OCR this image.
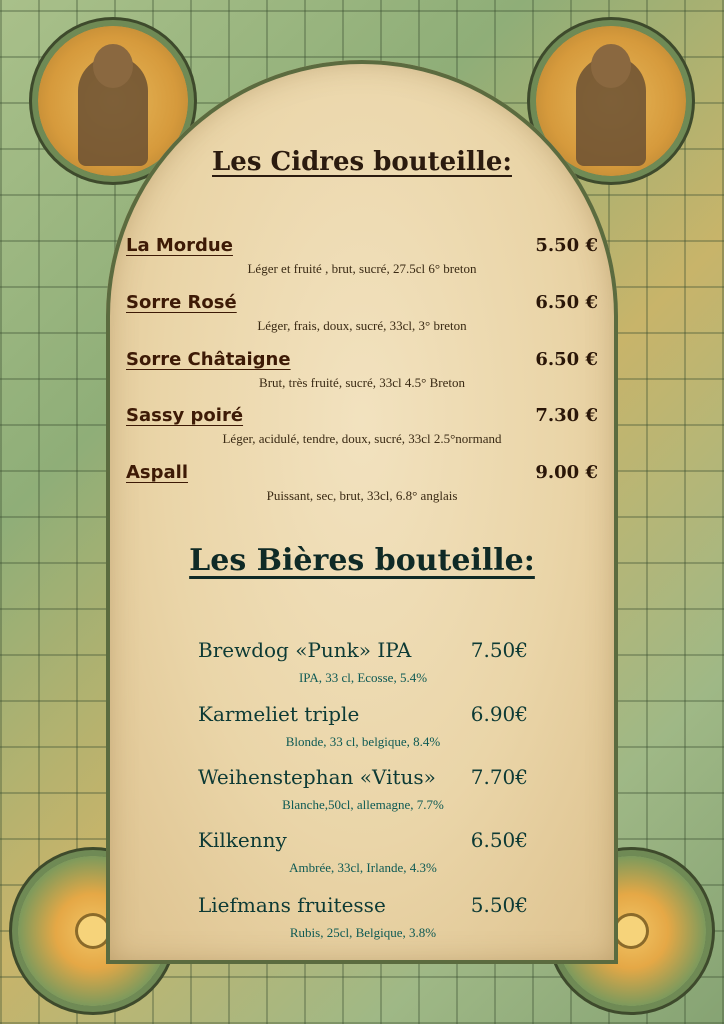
Les Cidres bouteille:
La Mordue	5.50 €
Léger et fruité , brut, sucré, 27.5cl 6° breton
Sorre Rosé	6.50 €
Léger, frais, doux, sucré, 33cl, 3° breton
Sorre Châtaigne	6.50 €
Brut, très fruité, sucré, 33cl 4.5° Breton
Sassy poiré	7.30 €
Léger, acidulé, tendre, doux, sucré, 33cl 2.5°normand
Aspall	9.00 €
Puissant, sec, brut, 33cl, 6.8° anglais
Les Bières bouteille:
Brewdog «Punk» IPA	7.50€
IPA, 33 cl, Ecosse, 5.4%
Karmeliet triple	6.90€
Blonde, 33 cl, belgique, 8.4%
Weihenstephan «Vitus» 7.70€
Blanche,50cl, allemagne, 7.7%
Kilkenny	6.50€
Ambrée, 33cl, Irlande, 4.3%
Liefmans fruitesse	5.50€
Rubis, 25cl, Belgique, 3.8%
